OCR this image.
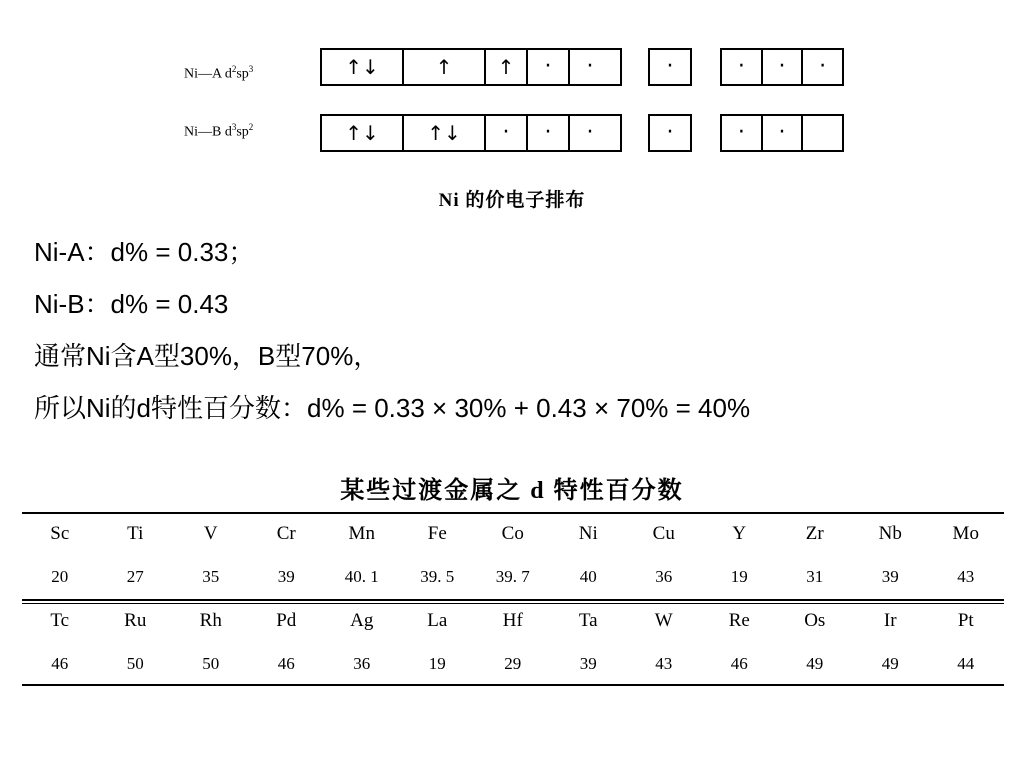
Ni—A $d^2sp^3$	↑↓	↑	↑	·	·	·	·	·	·
Ni—B $d^3sp^2$	↑↓	↑↓	·	·	·	·	·	·
Ni 的价电子排布
Ni-A：d% = 0.33；
Ni-B：d% = 0.43
通常Ni含A型30%，B型70%，
所以Ni的d特性百分数：d% = 0.33 × 30% + 0.43 × 70% = 40%
某些过渡金属之 d 特性百分数
Sc	Ti	V	Cr	Mn	Fe	Co	Ni	Cu	Y	Zr	Nb	Mo
20	27	35	39	40. 1	39. 5	39. 7	40	36	19	31	39	43
Tc	Ru	Rh	Pd	Ag	La	Hf	Ta	W	Re	Os	Ir	Pt
46	50	50	46	36	19	29	39	43	46	49	49	44
